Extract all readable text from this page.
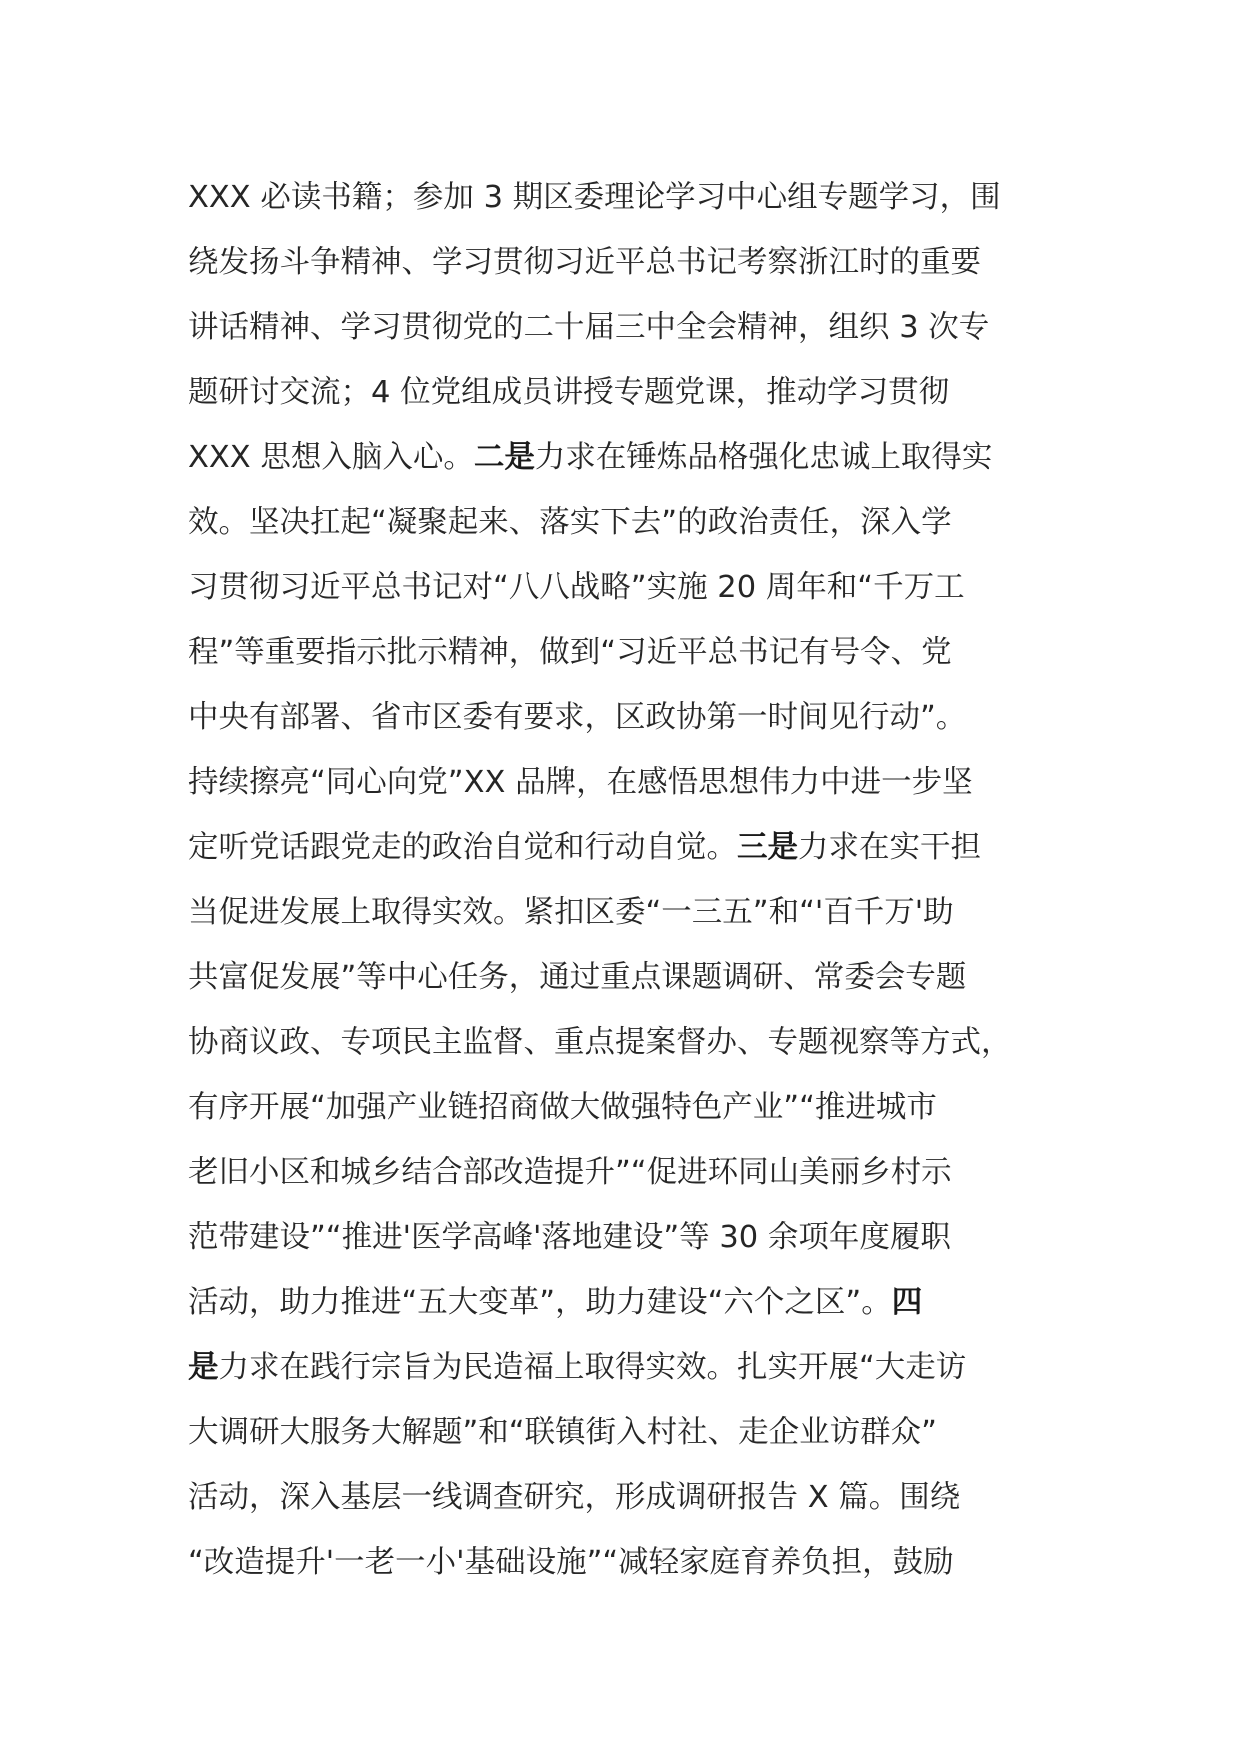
XXX 必读书籍；参加 3 期区委理论学习中心组专题学习，围
绕发扬斗争精神、学习贯彻习近平总书记考察浙江时的重要
讲话精神、学习贯彻党的二十届三中全会精神，组织 3 次专
题研讨交流；4 位党组成员讲授专题党课，推动学习贯彻
XXX 思想入脑入心。二是力求在锤炼品格强化忠诚上取得实
效。坚决扛起“凝聚起来、落实下去”的政治责任，深入学
习贯彻习近平总书记对“八八战略”实施 20 周年和“千万工
程”等重要指示批示精神，做到“习近平总书记有号令、党
中央有部署、省市区委有要求，区政协第一时间见行动”。
持续擦亮“同心向党”XX 品牌，在感悟思想伟力中进一步坚
定听党话跟党走的政治自觉和行动自觉。三是力求在实干担
当促进发展上取得实效。紧扣区委“一三五”和“'百千万'助
共富促发展”等中心任务，通过重点课题调研、常委会专题
协商议政、专项民主监督、重点提案督办、专题视察等方式，
有序开展“加强产业链招商做大做强特色产业”“推进城市
老旧小区和城乡结合部改造提升”“促进环同山美丽乡村示
范带建设”“推进'医学高峰'落地建设”等 30 余项年度履职
活动，助力推进“五大变革”，助力建设“六个之区”。四
是力求在践行宗旨为民造福上取得实效。扎实开展“大走访
大调研大服务大解题”和“联镇街入村社、走企业访群众”
活动，深入基层一线调查研究，形成调研报告 X 篇。围绕
“改造提升'一老一小'基础设施”“减轻家庭育养负担，鼓励
